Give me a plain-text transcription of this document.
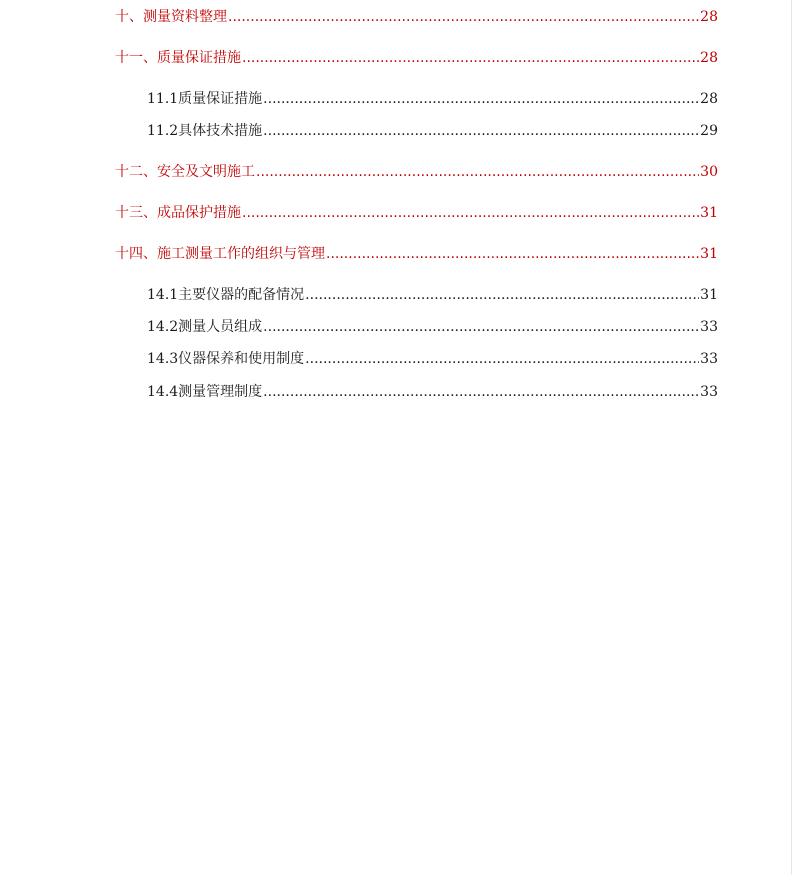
十、测量资料整理 .....	28
十一、质量保证措施 .....	28
11.1 质量保证措施 .....	28
11.2 具体技术措施 .....	29
十二、安全及文明施工 .....	30
十三、成品保护措施 .....	31
十四、施工测量工作的组织与管理 .....	31
14.1 主要仪器的配备情况 .....	31
14.2 测量人员组成 .....	33
14.3 仪器保养和使用制度 .....	33
14.4 测量管理制度 .....	33
